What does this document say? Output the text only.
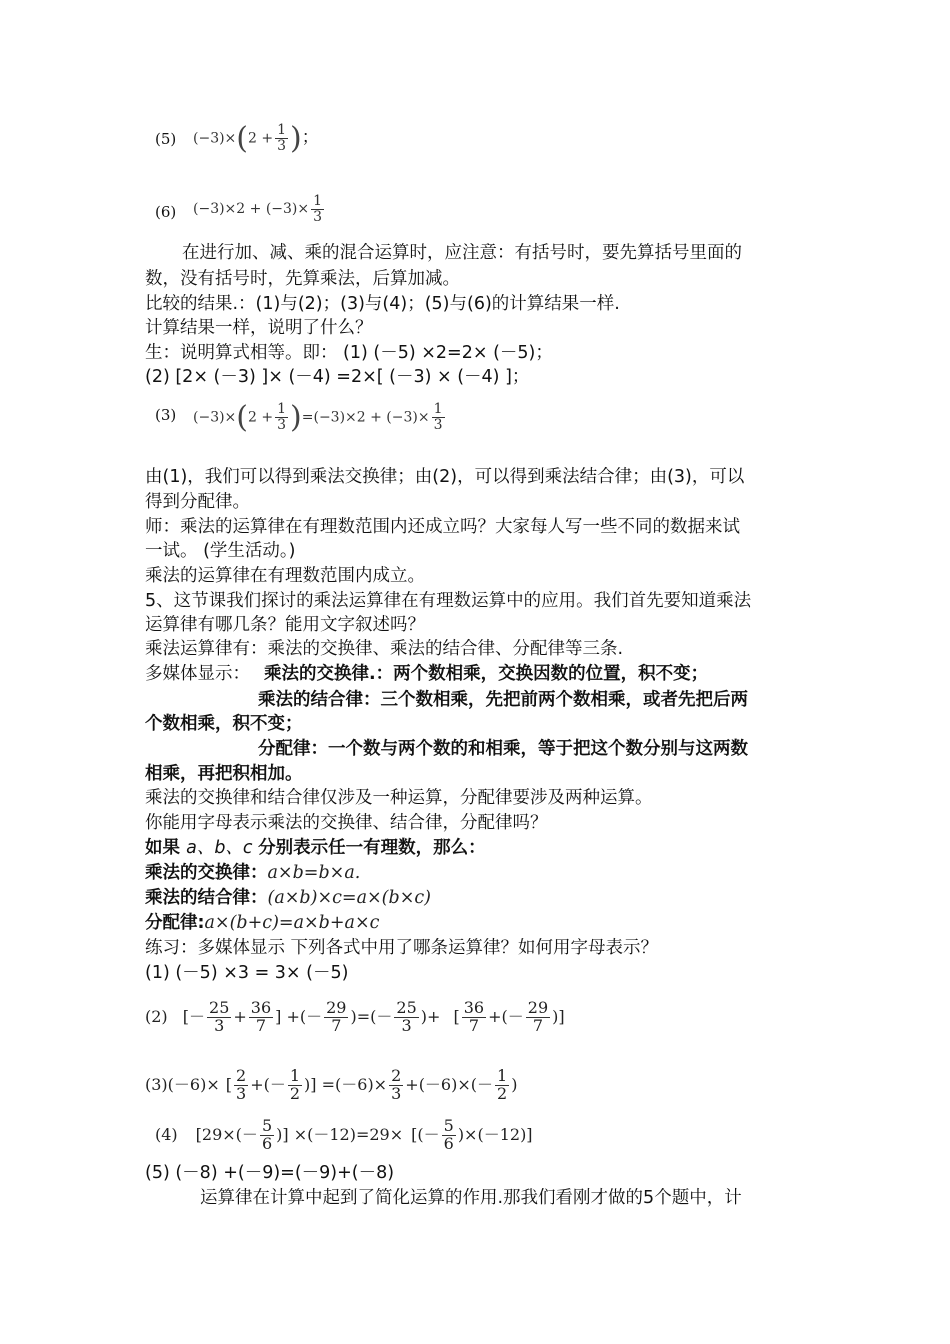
(5) $(-3)\times(2 + \frac{1}{3}$ )；
(6) $(-3)\times 2 + (-3)\times \frac{1}{3}$
在进行加、减、乘的混合运算时，应注意：有括号时，要先算括号里面的
数，没有括号时，先算乘法，后算加减。
比较的结果.：(1)与(2)；(3)与(4)；(5)与(6)的计算结果一样.
计算结果一样，说明了什么？
生：说明算式相等。即： (1) (－5) ×2=2× (－5)；
(2) [2× (－3) ]× (－4) =2×[ (－3) × (－4) ]；
(3) $(-3)\times(2 + \frac{1}{3} )=(-3)\times 2 + (-3)\times \frac{1}{3}$
由(1)，我们可以得到乘法交换律；由(2)，可以得到乘法结合律；由(3)，可以
得到分配律。
师：乘法的运算律在有理数范围内还成立吗？大家每人写一些不同的数据来试
一试。 (学生活动。)
乘法的运算律在有理数范围内成立。
5、这节课我们探讨的乘法运算律在有理数运算中的应用。我们首先要知道乘法
运算律有哪几条？能用文字叙述吗？
乘法运算律有：乘法的交换律、乘法的结合律、分配律等三条.
多媒体显示： 乘法的交换律.：两个数相乘，交换因数的位置，积不变；
乘法的结合律：三个数相乘，先把前两个数相乘，或者先把后两
个数相乘，积不变；
分配律：一个数与两个数的和相乘，等于把这个数分别与这两数
相乘，再把积相加。
乘法的交换律和结合律仅涉及一种运算，分配律要涉及两种运算。
你能用字母表示乘法的交换律、结合律，分配律吗？
如果 a、b、c 分别表示任一有理数，那么：
乘法的交换律：a×b=b×a.
乘法的结合律：(a×b)×c=a×(b×c)
分配律:a×(b+c)=a×b+a×c
练习：多媒体显示 下列各式中用了哪条运算律？如何用字母表示？
(1) (－5) ×3 = 3× (－5)
(2) [－ $\frac{25}{3} + \frac{36}{7}$ ] +(－ $\frac{29}{7}$ )=(－ $\frac{25}{3}$ )+ [ $\frac{36}{7}$ +(－ $\frac{29}{7}$ )]
(3)(－6)× [ $\frac{2}{3}$ +(－ $\frac{1}{2}$ )] $=(-6)\times \frac{2}{3} +(-6)\times(- \frac{1}{2}$ )
(4) [$29\times(- \frac{5}{6}$ )] ×(－12)=29× [(－ $\frac{5}{6} )\times(-12)$]
(5) (－8) +(－9)=(－9)+(－8)
运算律在计算中起到了简化运算的作用.那我们看刚才做的5个题中，计
